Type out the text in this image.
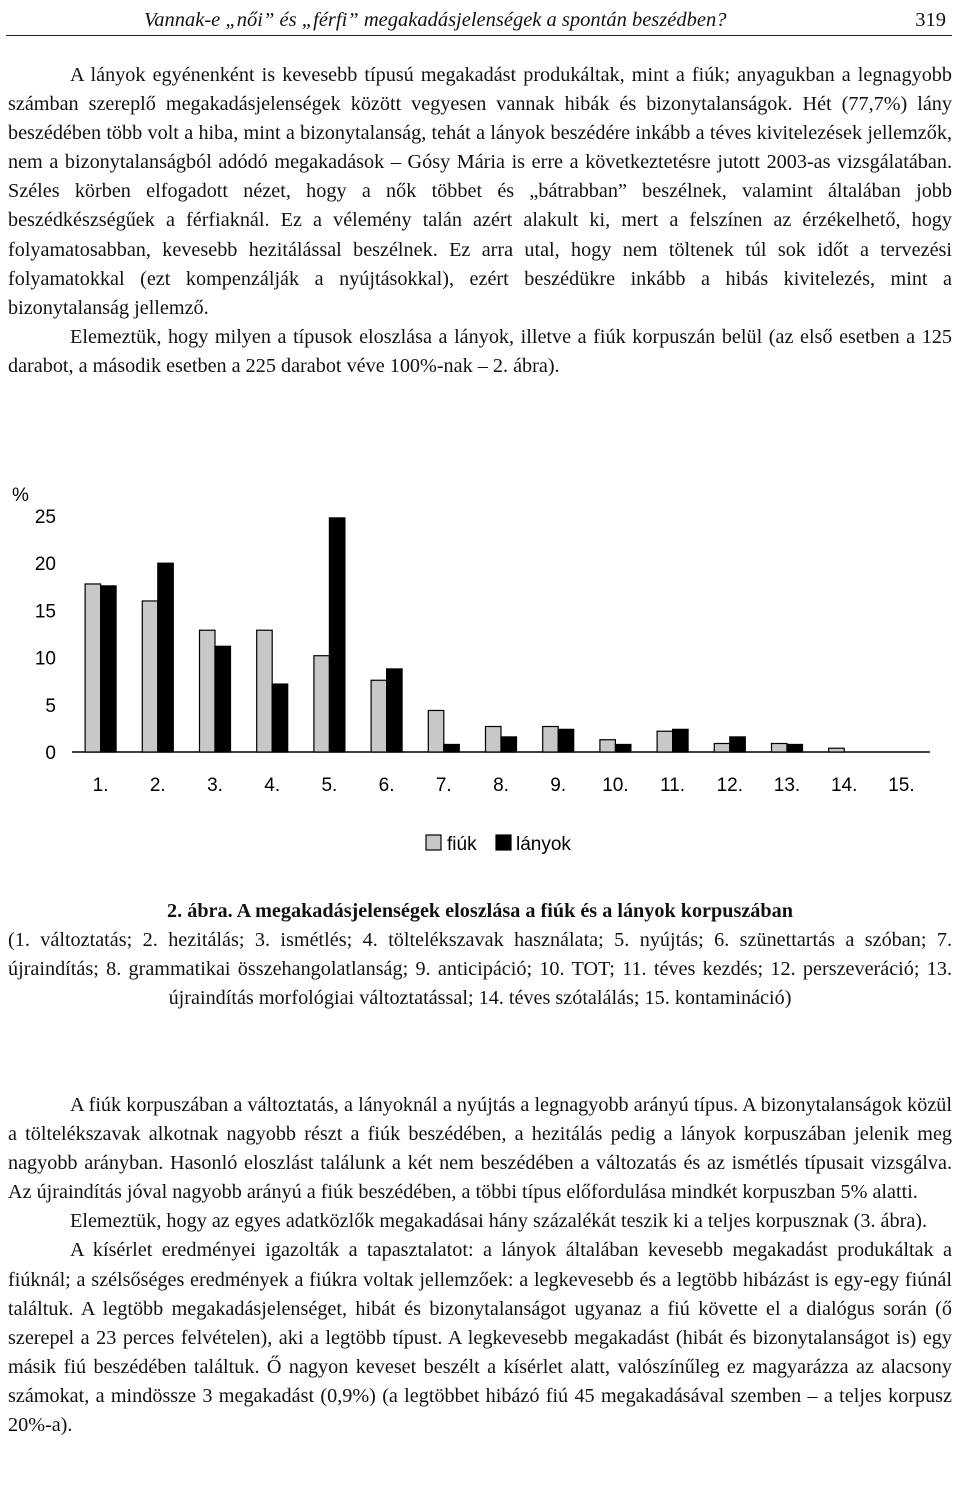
Vannak-e „női” és „férfi” megakadásjelenségek a spontán beszédben?	319

A lányok egyénenként is kevesebb típusú megakadást produkáltak, mint a fiúk; anyagukban a legnagyobb számban szereplő megakadásjelenségek között vegyesen vannak hibák és bizonytalanságok. Hét (77,7%) lány beszédében több volt a hiba, mint a bizonytalanság, tehát a lányok beszédére inkább a téves kivitelezések jellemzők, nem a bizonytalanságból adódó megakadások – Gósy Mária is erre a következtetésre jutott 2003-as vizsgálatában. Széles körben elfogadott nézet, hogy a nők többet és „bátrabban” beszélnek, valamint általában jobb beszédkészségűek a férfiaknál. Ez a vélemény talán azért alakult ki, mert a felszínen az érzékelhető, hogy folyamatosabban, kevesebb hezitálással beszélnek. Ez arra utal, hogy nem töltenek túl sok időt a tervezési folyamatokkal (ezt kompenzálják a nyújtásokkal), ezért beszédükre inkább a hibás kivitelezés, mint a bizonytalanság jellemző.

Elemeztük, hogy milyen a típusok eloszlása a lányok, illetve a fiúk korpuszán belül (az első esetben a 125 darabot, a második esetben a 225 darabot véve 100%-nak – 2. ábra).

%
0
5
10
15
20
25
1. 2. 3. 4. 5. 6. 7. 8. 9. 10. 11. 12. 13. 14. 15.
fiúk lányok
2. ábra. A megakadásjelenségek eloszlása a fiúk és a lányok korpuszában
(1. változtatás; 2. hezitálás; 3. ismétlés; 4. töltelékszavak használata; 5. nyújtás; 6. szünettartás a szóban; 7. újraindítás; 8. grammatikai összehangolatlanság; 9. anticipáció; 10. TOT; 11. téves kezdés; 12. perszeveráció; 13. újraindítás morfológiai változtatással; 14. téves szótalálás; 15. kontamináció)

A fiúk korpuszában a változtatás, a lányoknál a nyújtás a legnagyobb arányú típus. A bizonytalanságok közül a töltelékszavak alkotnak nagyobb részt a fiúk beszédében, a hezitálás pedig a lányok korpuszában jelenik meg nagyobb arányban. Hasonló eloszlást találunk a két nem beszédében a változatás és az ismétlés típusait vizsgálva. Az újraindítás jóval nagyobb arányú a fiúk beszédében, a többi típus előfordulása mindkét korpuszban 5% alatti.

Elemeztük, hogy az egyes adatközlők megakadásai hány százalékát teszik ki a teljes korpusznak (3. ábra).

A kísérlet eredményei igazolták a tapasztalatot: a lányok általában kevesebb megakadást produkáltak a fiúknál; a szélsőséges eredmények a fiúkra voltak jellemzőek: a legkevesebb és a legtöbb hibázást is egy-egy fiúnál találtuk. A legtöbb megakadásjelenséget, hibát és bizonytalanságot ugyanaz a fiú követte el a dialógus során (ő szerepel a 23 perces felvételen), aki a legtöbb típust. A legkevesebb megakadást (hibát és bizonytalanságot is) egy másik fiú beszédében találtuk. Ő nagyon keveset beszélt a kísérlet alatt, valószínűleg ez magyarázza az alacsony számokat, a mindössze 3 megakadást (0,9%) (a legtöbbet hibázó fiú 45 megakadásával szemben – a teljes korpusz 20%-a).
